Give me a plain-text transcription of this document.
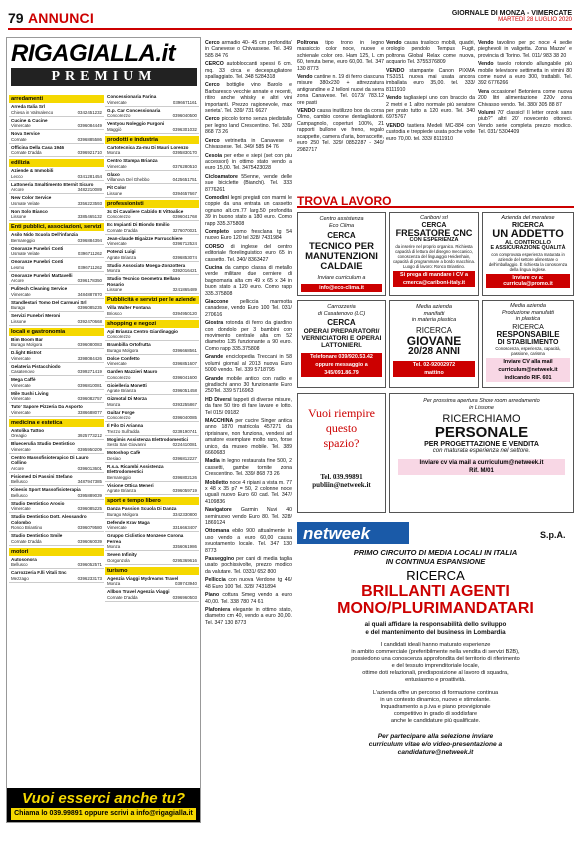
79 ANNUNCI	GIORNALE DI MONZA - VIMERCATE
MARTEDÌ 28 LUGLIO 2020
RIGAGIALLA.it
PREMIUM
arredamenti
Arreda Italia Srl
Chiesa in Valmalenco	0342451232
Cucine & Cucine
Vimercate	0396084449
Nova Service
Cornate	0396885586
Officina Della Casa 1946
Cornate D'adda	0396921710
edilizia
Aziende & Immobili
Lecco	0341281454
Lattoneria Smaltimento Eternit Sicuro
Arcore	3482210089
New Color Service
Usmate Velate	3356223593
Non Solo Bianco
Lissone	3385465132
Enti pubblici, associazioni, servizi
Asilo Nido Scuola Dell'infanzia
Bernareggio	0396884394
Onoranze Funebri Conti
Usmate Velate	0396711262
Onoranze Funebri Conti
Lesmo	0396711262
Onoranze Funebri Mattavelli
Arcore	0396178350
Pulitech Cleaning Service
Vimercate	3484887870
Standlestari Tomo Del Carmuni Srl
Burago	0396085235
Servizi Funebri Meroni
Lissone	0392470668
locali e gastronomia
Bim Boom Bar
Burago Molgora	0396080083
D.light Bistrot
Vimercate	3398084426
Gelateria Pistacchiodo
Casatenovo	0399271419
Mega Caffè
Vimercate	0396810081
Mile Sushi Living
Vimercate	0396082757
Tuto' Sapore Pizzeria Da Asporto
Vimercate	3386688077
medicina e estetica
Antolika Tattoo
Oreagio	3925773212
Bluecerulia Studio Dentistico
Vimercate	0395950209
Centro Massofisioterapico Di Lauro Collino
Arcore	0396013601
Fisiomed Di Passini Stefano
Bellusco	3487947385
Kinesis Sport Massofisioterapia
Bellusco	0395889039
Studio Dentistico Arosio
Vimercate	0396085225
Studio Dentistico Dott. Alessandro Colombo
Ronco Briantino	0396079580
Studio Dentistico Smile
Cornate D'adda	0396060039
motori
Autosonora
Bellusco	0396052571
Carrozzeria F.lli Vitali Snc
Mezzago	0396233173
Concessionaria Farina
Vimercate	0396671161
G.p. Car Concessionaria
Concorezzo	0396040500
Ventyou Noleggio Furgoni
Maggiò	0396301032
prodotti e industria
Cartotecnica Za-mu Di Mauri Lorenzo
Monza	0395830170
Centro Stampa Brianza
Vimercate	0376280510
Glaxo
Villanova Del Ghebbo	0425651751
Pit Color
Lissone	0394657667
professionisti
3c Di Cavaliere Calzido E Vittoalice
Concorezzo	0396041768
Ec Impianti Di Biondo Emilio
Cornate D'adda	3276070021
Jean-claude Bigaizze Parrucchiere
Vimercate	0396712524
Potenzi Luigi
Agrate Brianza	0396853074
Studio Associato Moega-Zonzottera
Monza	0392016421
Studio Tecnico Geometra Bellano Rosario
Lissone	3241865489
Pubblicità e servizi per le aziende
Villa Walter Fontana
Briosco	0394950120
shopping e negozi
Api Brianza Centro Giardinaggio
Concorezzo
Brambilla Ortofrutta
Burago Molgora	0396668561
Dolce Confetto
Vimercate	0396851607
Garden Mazzieri Mauro
Concorezzo	0396041600
Gioielleria Monetti
Agrate Brianza	0396051458
Gizmotal Di Morza
Monza	0393255867
Guitar Forge
Concorezzo	0396040085
Il Filo Di Arianna
Trezzo Sull'adda	0239190741
Mogimis Assistenza Elettrodomestici
Sesto San Giovanni	0224410081
Motoshop Cafè
Desiao	0396812227
R.s.a. Ricambi Assistenza Elettrodomestici
Bernareggio	0396802126
Visione Ottica Meneri
Agrate Brianza	0396059719
sport e tempo libero
Danza Passion Scuola Di Danza
Burago Molgora	3342330800
Defende Krav Maga
Vimercate	3316663407
Gruppo Ciclistico Monzese Corona Ferrea
Monza	3356061986
Seven Infinity
Gorgonzola	0295369616
turismo
Agenzia Viaggi Mydreams Travel
Monza	039743940
Allbon Travel Agenzia Viaggi
Cornate D'adda	0396960503
Vuoi esserci anche tu?
Chiama lo 039.99891 oppure scrivi a info@rigagialla.it

Cerco armadio 40- 45 cm profondita' in Canevese o Chivassese. Tel. 349 585 84 76

CERCO autobloccanti spessi 6 cm. mq. 33 circa e decespugliatore spallaggiato. Tel. 348 5284318

Cerco bottiglie vino Barolo e Barbaresco vecchie annate e recenti, ritiro anche whisky e altri vini importanti. Prezzo ragionevole, max serieta'. Tel. 339/ 731 6627

Cerco piccolo torno senza piedistallo per legno land Crescentino. Tel. 339/ 868 73 26

Cerco vetrinetta in Canavese o Chivassese. Tel. 349/ 585 84 76

Cesoia per erbe e siepi (set con piu accessori) in ottimo stato vendo a euro 15,00. Tel. 3475423028

Cicloamatore 55enne, vende delle sue biciclette (Bianchi). Tel. 333 8776261

Comodini legni pregiati con marmi le coppie da una entrata un cassetto ognuno alt.cm.77 larg.50 profondita 39 in buono stato a 180 euro. Como rapp 335.375808

Completo uomo fresclana tg 54 nuovo Euro 120 tel 328/ 7431984

CORSO di inglese del centro editoriale florelinguistico euro 65 in cassetto. Tel. 340/ 8363427

Cucina da campo classa di metallo verde militare due cerniere di bagnomaria alta cm 49 x 65 x 34 in buon stato a 120 euro. Como rapp 335.375808

Giaccone pelliccia marmotta canadese, vendo Euro 100 Tel. 031/ 270616

Giostra rotonda di ferro da giardino con dondolo per 3 bambini con movimento centrale alta cm 52 diametro 135 funzionante a 90 euro. Como rapp 335.375808

Grande enciclopedia Treccani in 58 volumi giornal al 2013 nuova Euro 5000 vendo. Tel. 339 5718795

Grande mobile antico con radio e giradischi anno 30 funzionante Euro 250Tel. 339 5716963

HD Diversi tappeti di diverse misure, da fare 50 tiro di fare lavare e lotto. Tel 015/ 09182

MACCHINA per cucire Singer antica anno 1870 matricola 457271 da riprisinare, non funziona, vendesi ad amatore esemplare molto raro, forse unico, da museo mobile. Tel. 389 6660683

Madia in legno restaurata fine 500, 2 cassetti, gambe tornite zona Crescentino. Tel. 339/ 868 73 26

Mobiletto noce 4 ripiani a vista m. 77 x 48 x 35 p7 = 50, 2 colonne noce uguali nuovo Euro 60 cad. Tel. 347/ 4109836

Navigatore Garmin Nuvi 40 seminuovo vendo Euro 80. Tel. 328/ 1869124

Ottomana ebilo 900 attualmente in uso vendo a euro 60,00 causa svuotamento locale. Tel. 347 130 8773

Passeggino per cani di media taglia usato pochissivolte, prezzo modico da valutare. Tel. 0331/ 652 800

Pelliccia con nuova Verdone tg 46/ 48 Euro 100 Tel. 328/ 7431894

Piano cottura Smeg vendo a euro 40,00. Tel. 338 780 74 61

Plafoniera elegante in ottimo stato, diametro cm 40, vendo a euro 30,00. Tel. 347 130 8773

Poltrona tipo trono in legno massiccio color noce, nuove e schienale color oro. Ham 125, L cm 60, tenuta bene, euro 60,00. Tel. 347 130 8773

Vendo cantine n. 19 di ferro ciascuna misure 380x230 + attrezzatura antigrandine e 2 telloni nuovi da serra zona Canavese. Tel. 0173/ 783.12 ore pasti

VENDO causa inutilizzo box da corsa Olmo, cambio corone dentagliatonti. Campagnolo, coperturi 100%, 21 rapporti bullone ve freno, regalo scappette, camera d'aria, borraccette, euro 250 Tel. 329/ 0852287 - 340/ 2982717

Vendo causa trasloco mobili, quadri, orologio pendolo Tempus Fugit, poltrona Global Relax come nuova, acquario Tel. 3755376809

VENDO stampante Canon PIXMA TS3151 nuova mai usata ancora imballata euro 35,00. tel. 333/ 8111910

Vendo tagliasiepi uno con braccio da 2 metri e 1 altro normale più seratore per prato tutto a 120 euro. Tel. 340 6975767

VENDO tastiera Medeli MC-884 con custodia e treppiede usata poche volte euro 70,00. tel. 333/ 8111910

Vendo tavolino per pc noce 4 sedie pieghevoli in valigetta. Zona Mazze' e provincia di Torino. Tel. 011/ 983 38 20

Vendo tavolo rotondo allungabile più mobile televisore settimetta in vimini 80 come nuovi a euro 300, trattabili. Tel. 392 6776266

Vera occasione! Betoniera come nuova 200 litri alimentazione 220v zona Chivasso vendo. Tel. 380/ 305 88 87

Volumi 70' classici! Il letter orzok sans piub?'' altri 20' novecento ottoreci. Vendo serie completa prezzo modico. Tel. 031/ 5304409

TROVA LAVORO
Centro assistenza
Eco Clima
CERCA
TECNICO PER MANUTENZIONI CALDAIE
Inviare curriculum a
info@eco-clima.it
Cariboni srl
CERCA
FRESATORE CNC
CON ESPERIENZA
da inserire nel proprio organico. Richiesta capacità di lettura del disegno meccanico, conoscenza del linguaggio Heidenhain, capacità di programmare a bordo macchina. Luogo di lavoro: Ronco Briantino.
Si prega di mandare i CV a
cmerca@cariboni-italy.it
Azienda del meratese
RICERCA
UN ADDETTO
AL CONTROLLO
E ASSICURAZIONE QUALITÀ
con comprovata esperienza maturata in aziende del settore alimentare o dell'imballaggio. È richiesta la conoscenza della lingua inglese.
Inviare cv a: curricula@promo.it
Carrozzeria
di Casatenovo (LC)
CERCA
OPERAI PREPARATORI/ VERNICIATORI E OPERAI LATTONIERI.
Telefonare 039/920.53.42
oppure messaggio a
345/091.86.79
Media azienda
manifatti
in materia plastica
RICERCA
GIOVANE
20/28 ANNI
Tel. 02-92002972
mattino
Media azienda
Produzione manufatti
in plastica
RICERCA
RESPONSABILE
DI STABILIMENTO
Conoscenza, esperienza, capacità, passione, carisma
Inviare CV alla mail
curriculum@netweek.it
indicando RIF. 601
Vuoi riempire
questo
spazio?
Tel. 039.99891
publiin@netweek.it
Per prossima apertura Show room arredamento
in Lissone
RICERCHIAMO
PERSONALE
PER PROGETTAZIONE E VENDITA
con maturata esperienza nel settore.
Inviare cv via mail a curriculum@netweek.it
Rif. M/01
netweek	S.p.A.
PRIMO CIRCUITO DI MEDIA LOCALI IN ITALIA
IN CONTINUA ESPANSIONE
RICERCA
BRILLANTI AGENTI
MONO/PLURIMANDATARI
ai quali affidare la responsabilità dello sviluppo
e del mantenimento del business in Lombardia
I candidati ideali hanno maturato esperienze
in ambito commerciale (preferibilmente nella vendita di servizi B2B),
possiedono una conoscenza approfondita del territorio di riferimento
e del tessuto imprenditoriale locale,
ottime doti relazionali, predisposizione al lavoro di squadra,
entusiasmo e proattività.
L'azienda offre un percorso di formazione continua
in un contesto dinamico, nuovo e stimolante.
Inquadramento a p.iva e piano provvigionale
competitivo in grado di soddisfare
anche le candidature più qualificate.
Per partecipare alla selezione inviare
curriculum vitae e/o video-presentazione a
candidature@netweek.it
